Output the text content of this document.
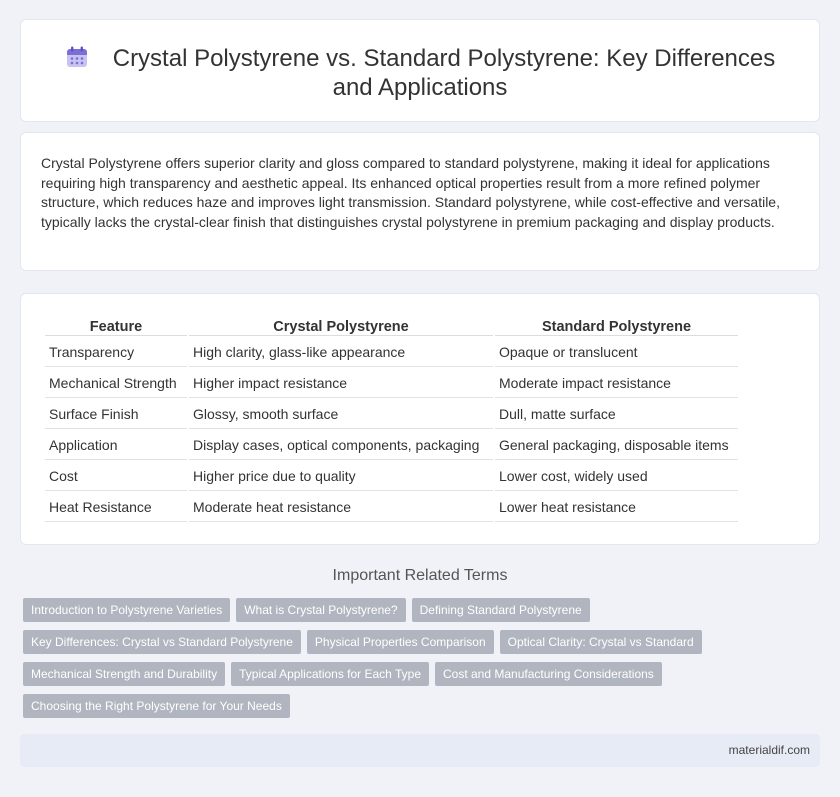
Crystal Polystyrene vs. Standard Polystyrene: Key Differences and Applications

Crystal Polystyrene offers superior clarity and gloss compared to standard polystyrene, making it ideal for applications requiring high transparency and aesthetic appeal. Its enhanced optical properties result from a more refined polymer structure, which reduces haze and improves light transmission. Standard polystyrene, while cost-effective and versatile, typically lacks the crystal-clear finish that distinguishes crystal polystyrene in premium packaging and display products.

Feature	Crystal Polystyrene	Standard Polystyrene
Transparency	High clarity, glass-like appearance	Opaque or translucent
Mechanical Strength	Higher impact resistance	Moderate impact resistance
Surface Finish	Glossy, smooth surface	Dull, matte surface
Application	Display cases, optical components, packaging	General packaging, disposable items
Cost	Higher price due to quality	Lower cost, widely used
Heat Resistance	Moderate heat resistance	Lower heat resistance
Important Related Terms
Introduction to Polystyrene Varieties	What is Crystal Polystyrene?	Defining Standard Polystyrene
Key Differences: Crystal vs Standard Polystyrene	Physical Properties Comparison	Optical Clarity: Crystal vs Standard
Mechanical Strength and Durability	Typical Applications for Each Type	Cost and Manufacturing Considerations
Choosing the Right Polystyrene for Your Needs
materialdif.com
